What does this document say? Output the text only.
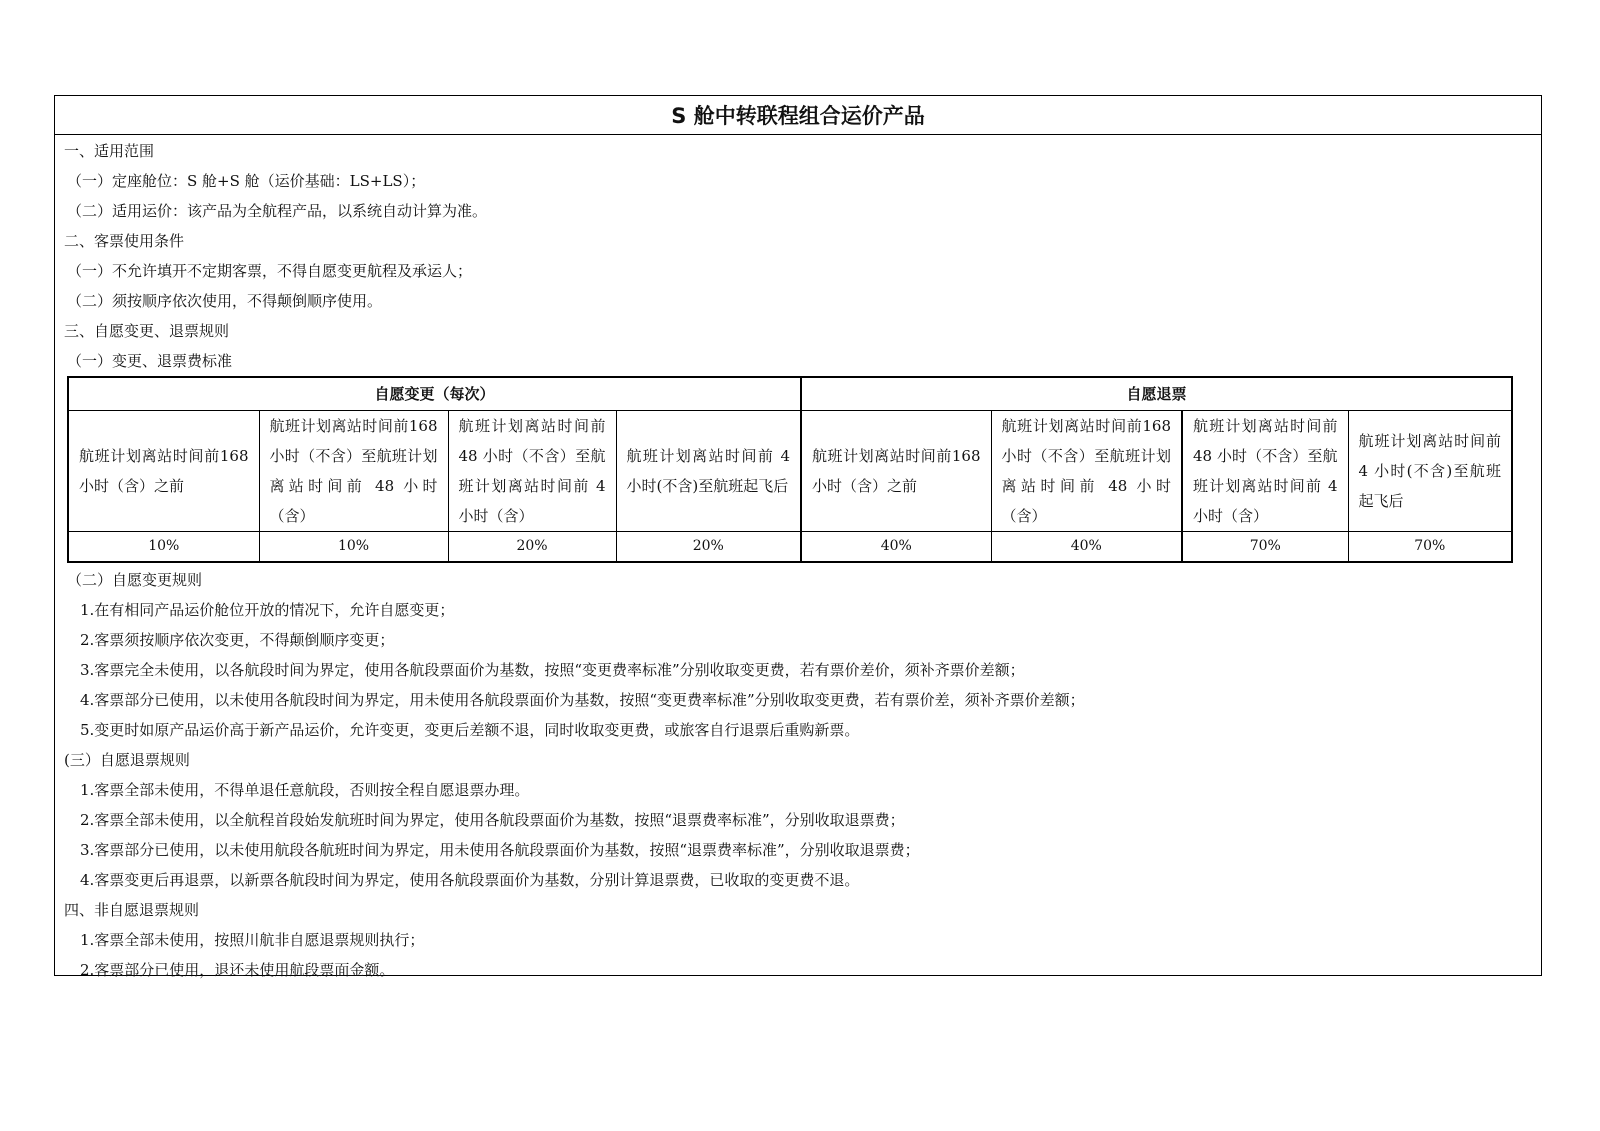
S 舱中转联程组合运价产品
一、适用范围
（一）定座舱位：S 舱+S 舱（运价基础：LS+LS）；
（二）适用运价：该产品为全航程产品，以系统自动计算为准。
二、客票使用条件
（一）不允许填开不定期客票，不得自愿变更航程及承运人；
（二）须按顺序依次使用，不得颠倒顺序使用。
三、自愿变更、退票规则
（一）变更、退票费标准
自愿变更（每次）				自愿退票			
航班计划离站时间前168 小时（含）之前	航班计划离站时间前168 小时（不含）至航班计划离站时间前 48 小时（含）	航班计划离站时间前 48 小时（不含）至航班计划离站时间前 4 小时（含）	航班计划离站时间前 4 小时(不含)至航班起飞后	航班计划离站时间前168 小时（含）之前	航班计划离站时间前168 小时（不含）至航班计划离站时间前 48 小时（含）	航班计划离站时间前 48 小时（不含）至航班计划离站时间前 4 小时（含）	航班计划离站时间前 4 小时(不含)至航班起飞后
10%	10%	20%	20%	40%	40%	70%	70%
（二）自愿变更规则
1.在有相同产品运价舱位开放的情况下，允许自愿变更；
2.客票须按顺序依次变更，不得颠倒顺序变更；
3.客票完全未使用，以各航段时间为界定，使用各航段票面价为基数，按照“变更费率标准”分别收取变更费，若有票价差价，须补齐票价差额；
4.客票部分已使用，以未使用各航段时间为界定，用未使用各航段票面价为基数，按照“变更费率标准”分别收取变更费，若有票价差，须补齐票价差额；
5.变更时如原产品运价高于新产品运价，允许变更，变更后差额不退，同时收取变更费，或旅客自行退票后重购新票。
(三）自愿退票规则
1.客票全部未使用，不得单退任意航段，否则按全程自愿退票办理。
2.客票全部未使用，以全航程首段始发航班时间为界定，使用各航段票面价为基数，按照“退票费率标准”，分别收取退票费；
3.客票部分已使用，以未使用航段各航班时间为界定，用未使用各航段票面价为基数，按照“退票费率标准”，分别收取退票费；
4.客票变更后再退票，以新票各航段时间为界定，使用各航段票面价为基数，分别计算退票费，已收取的变更费不退。
四、非自愿退票规则
1.客票全部未使用，按照川航非自愿退票规则执行；
2.客票部分已使用，退还未使用航段票面金额。
